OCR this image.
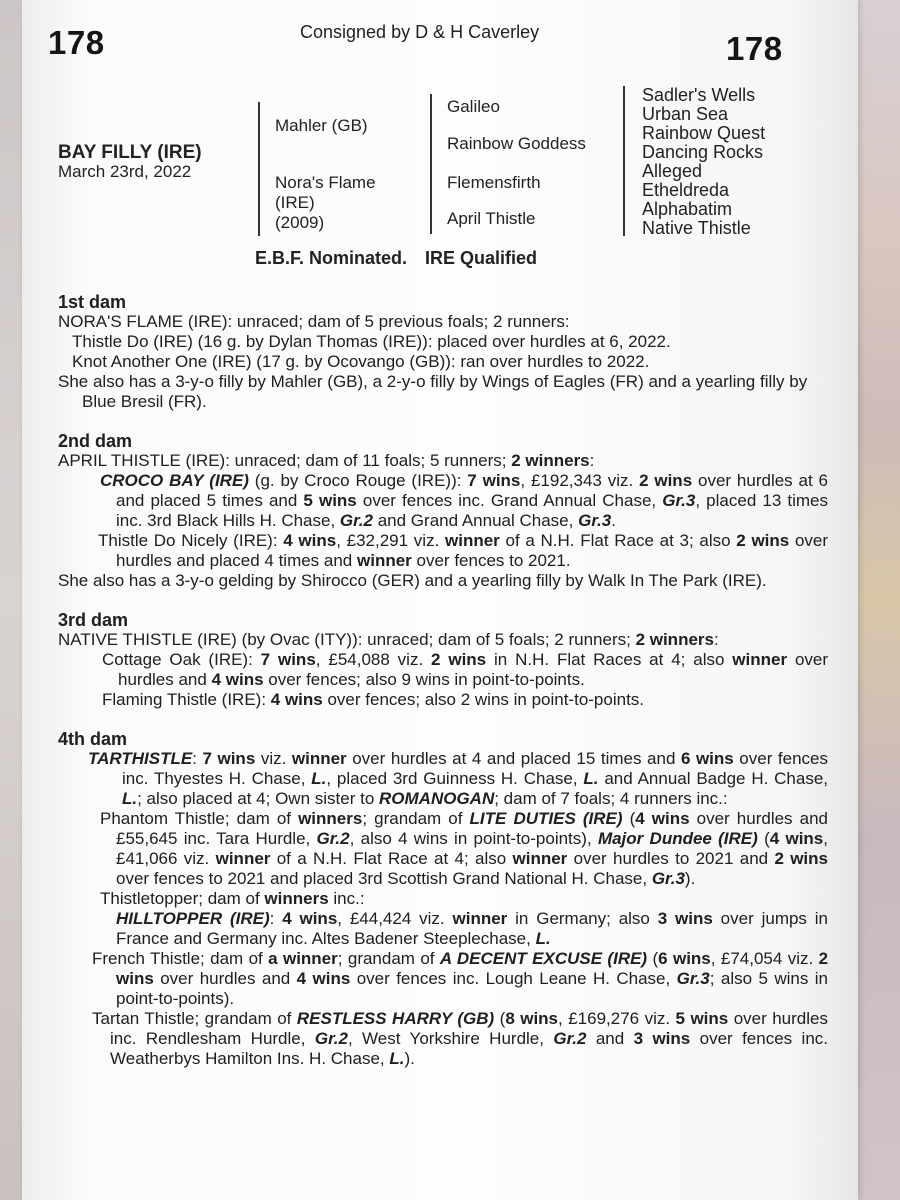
178	Consigned by D & H Caverley	178
BAY FILLY (IRE)
March 23rd, 2022
Mahler (GB)
Nora's Flame
(IRE)
(2009)
Galileo
Rainbow Goddess
Flemensfirth
April Thistle
Sadler's Wells
Urban Sea
Rainbow Quest
Dancing Rocks
Alleged
Etheldreda
Alphabatim
Native Thistle
E.B.F. Nominated. IRE Qualified
1st dam
NORA'S FLAME (IRE): unraced; dam of 5 previous foals; 2 runners:
Thistle Do (IRE) (16 g. by Dylan Thomas (IRE)): placed over hurdles at 6, 2022.
Knot Another One (IRE) (17 g. by Ocovango (GB)): ran over hurdles to 2022.
She also has a 3-y-o filly by Mahler (GB), a 2-y-o filly by Wings of Eagles (FR) and a yearling filly by Blue Bresil (FR).
2nd dam
APRIL THISTLE (IRE): unraced; dam of 11 foals; 5 runners; 2 winners:
CROCO BAY (IRE) (g. by Croco Rouge (IRE)): 7 wins, £192,343 viz. 2 wins over hurdles at 6 and placed 5 times and 5 wins over fences inc. Grand Annual Chase, Gr.3, placed 13 times inc. 3rd Black Hills H. Chase, Gr.2 and Grand Annual Chase, Gr.3.
Thistle Do Nicely (IRE): 4 wins, £32,291 viz. winner of a N.H. Flat Race at 3; also 2 wins over hurdles and placed 4 times and winner over fences to 2021.
She also has a 3-y-o gelding by Shirocco (GER) and a yearling filly by Walk In The Park (IRE).
3rd dam
NATIVE THISTLE (IRE) (by Ovac (ITY)): unraced; dam of 5 foals; 2 runners; 2 winners:
Cottage Oak (IRE): 7 wins, £54,088 viz. 2 wins in N.H. Flat Races at 4; also winner over hurdles and 4 wins over fences; also 9 wins in point-to-points.
Flaming Thistle (IRE): 4 wins over fences; also 2 wins in point-to-points.
4th dam
TARTHISTLE: 7 wins viz. winner over hurdles at 4 and placed 15 times and 6 wins over fences inc. Thyestes H. Chase, L., placed 3rd Guinness H. Chase, L. and Annual Badge H. Chase, L.; also placed at 4; Own sister to ROMANOGAN; dam of 7 foals; 4 runners inc.:
Phantom Thistle; dam of winners; grandam of LITE DUTIES (IRE) (4 wins over hurdles and £55,645 inc. Tara Hurdle, Gr.2, also 4 wins in point-to-points), Major Dundee (IRE) (4 wins, £41,066 viz. winner of a N.H. Flat Race at 4; also winner over hurdles to 2021 and 2 wins over fences to 2021 and placed 3rd Scottish Grand National H. Chase, Gr.3).
Thistletopper; dam of winners inc.:
HILLTOPPER (IRE): 4 wins, £44,424 viz. winner in Germany; also 3 wins over jumps in France and Germany inc. Altes Badener Steeplechase, L.
French Thistle; dam of a winner; grandam of A DECENT EXCUSE (IRE) (6 wins, £74,054 viz. 2 wins over hurdles and 4 wins over fences inc. Lough Leane H. Chase, Gr.3; also 5 wins in point-to-points).
Tartan Thistle; grandam of RESTLESS HARRY (GB) (8 wins, £169,276 viz. 5 wins over hurdles inc. Rendlesham Hurdle, Gr.2, West Yorkshire Hurdle, Gr.2 and 3 wins over fences inc. Weatherbys Hamilton Ins. H. Chase, L.).
